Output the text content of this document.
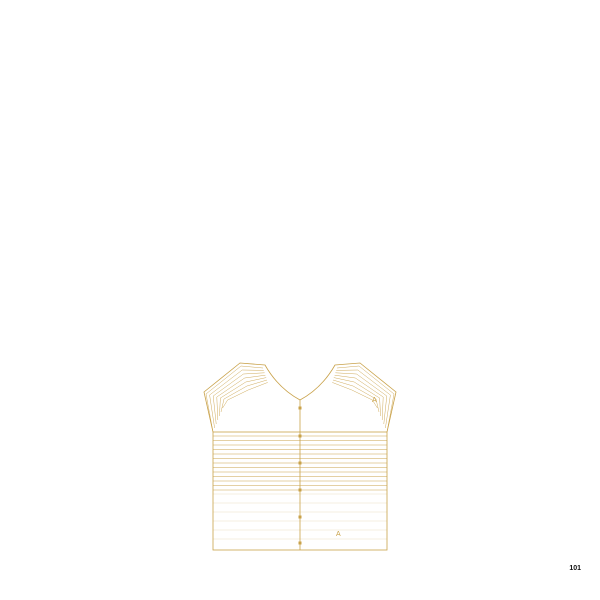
A
A
101
